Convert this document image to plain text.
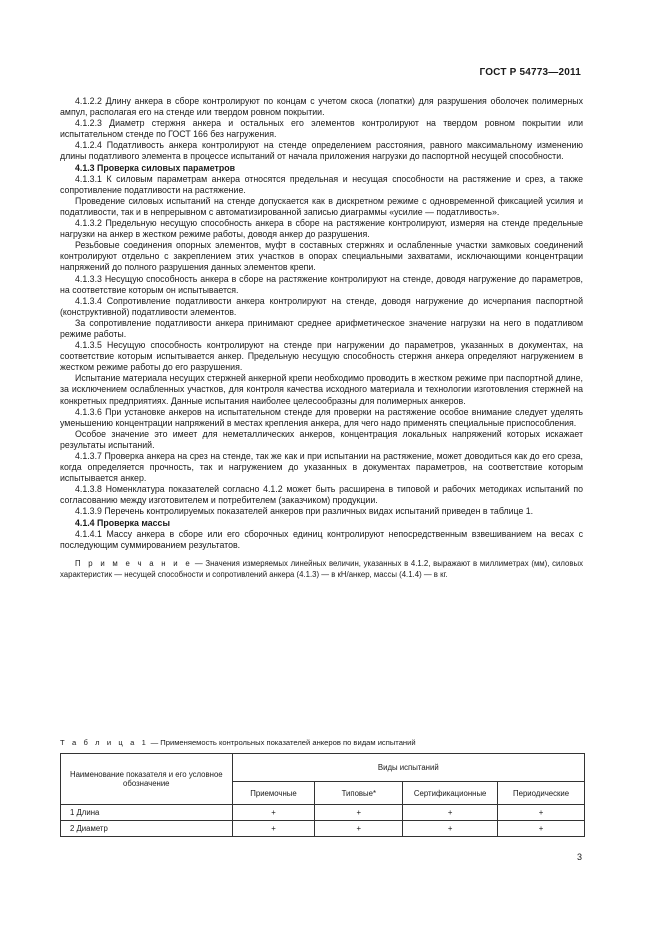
ГОСТ Р 54773—2011

4.1.2.2 Длину анкера в сборе контролируют по концам с учетом скоса (лопатки) для разрушения оболочек полимерных ампул, располагая его на стенде или твердом ровном покрытии.

4.1.2.3 Диаметр стержня анкера и остальных его элементов контролируют на твердом ровном покрытии или испытательном стенде по ГОСТ 166 без нагружения.

4.1.2.4 Податливость анкера контролируют на стенде определением расстояния, равного максимальному изменению длины податливого элемента в процессе испытаний от начала приложения нагрузки до паспортной несущей способности.

4.1.3 Проверка силовых параметров

4.1.3.1 К силовым параметрам анкера относятся предельная и несущая способности на растяжение и срез, а также сопротивление податливости на растяжение.

Проведение силовых испытаний на стенде допускается как в дискретном режиме с одновременной фиксацией усилия и податливости, так и в непрерывном с автоматизированной записью диаграммы «усилие — податливость».

4.1.3.2 Предельную несущую способность анкера в сборе на растяжение контролируют, измеряя на стенде предельные нагрузки на анкер в жестком режиме работы, доводя анкер до разрушения.

Резьбовые соединения опорных элементов, муфт в составных стержнях и ослабленные участки замковых соединений контролируют отдельно с закреплением этих участков в опорах специальными захватами, исключающими концентрации напряжений до полного разрушения данных элементов крепи.

4.1.3.3 Несущую способность анкера в сборе на растяжение контролируют на стенде, доводя нагружение до параметров, на соответствие которым он испытывается.

4.1.3.4 Сопротивление податливости анкера контролируют на стенде, доводя нагружение до исчерпания паспортной (конструктивной) податливости элементов.

За сопротивление податливости анкера принимают среднее арифметическое значение нагрузки на него в податливом режиме работы.

4.1.3.5 Несущую способность контролируют на стенде при нагружении до параметров, указанных в документах, на соответствие которым испытывается анкер. Предельную несущую способность стержня анкера определяют нагружением в жестком режиме работы до его разрушения.

Испытание материала несущих стержней анкерной крепи необходимо проводить в жестком режиме при паспортной длине, за исключением ослабленных участков, для контроля качества исходного материала и технологии изготовления стержней на конкретных предприятиях. Данные испытания наиболее целесообразны для полимерных анкеров.

4.1.3.6 При установке анкеров на испытательном стенде для проверки на растяжение особое внимание следует уделять уменьшению концентрации напряжений в местах крепления анкера, для чего надо применять специальные приспособления.

Особое значение это имеет для неметаллических анкеров, концентрация локальных напряжений которых искажает результаты испытаний.

4.1.3.7 Проверка анкера на срез на стенде, так же как и при испытании на растяжение, может доводиться как до его среза, когда определяется прочность, так и нагружением до указанных в документах параметров, на соответствие которым испытывается анкер.

4.1.3.8 Номенклатура показателей согласно 4.1.2 может быть расширена в типовой и рабочих методиках испытаний по согласованию между изготовителем и потребителем (заказчиком) продукции.

4.1.3.9 Перечень контролируемых показателей анкеров при различных видах испытаний приведен в таблице 1.

4.1.4 Проверка массы

4.1.4.1 Массу анкера в сборе или его сборочных единиц контролируют непосредственным взвешиванием на весах с последующим суммированием результатов.

П р и м е ч а н и е — Значения измеряемых линейных величин, указанных в 4.1.2, выражают в миллиметрах (мм), силовых характеристик — несущей способности и сопротивлений анкера (4.1.3) — в кН/анкер, массы (4.1.4) — в кг.

Т а б л и ц а 1 — Применяемость контрольных показателей анкеров по видам испытаний
Наименование показателя и его условное обозначение	Виды испытаний			
	Приемочные	Типовые*	Сертификационные	Периодические
1 Длина	+	+	+	+
2 Диаметр	+	+	+	+
3
